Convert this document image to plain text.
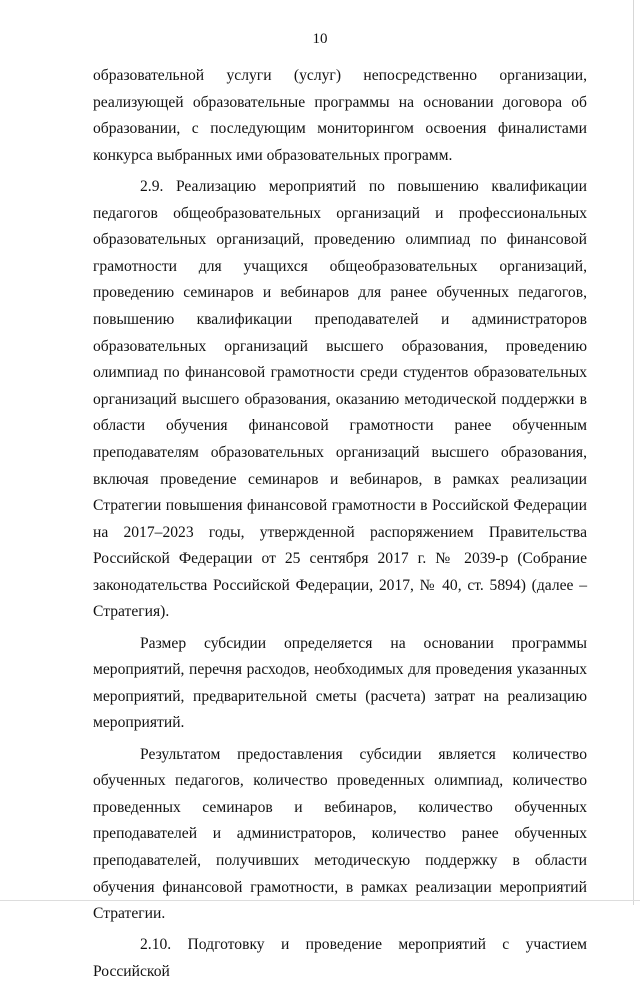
10

образовательной услуги (услуг) непосредственно организации, реализующей образовательные программы на основании договора об образовании, с последующим мониторингом освоения финалистами конкурса выбранных ими образовательных программ.

2.9. Реализацию мероприятий по повышению квалификации педагогов общеобразовательных организаций и профессиональных образовательных организаций, проведению олимпиад по финансовой грамотности для учащихся общеобразовательных организаций, проведению семинаров и вебинаров для ранее обученных педагогов, повышению квалификации преподавателей и администраторов образовательных организаций высшего образования, проведению олимпиад по финансовой грамотности среди студентов образовательных организаций высшего образования, оказанию методической поддержки в области обучения финансовой грамотности ранее обученным преподавателям образовательных организаций высшего образования, включая проведение семинаров и вебинаров, в рамках реализации Стратегии повышения финансовой грамотности в Российской Федерации на 2017–2023 годы, утвержденной распоряжением Правительства Российской Федерации от 25 сентября 2017 г. № 2039-р (Собрание законодательства Российской Федерации, 2017, № 40, ст. 5894) (далее – Стратегия).

Размер субсидии определяется на основании программы мероприятий, перечня расходов, необходимых для проведения указанных мероприятий, предварительной сметы (расчета) затрат на реализацию мероприятий.

Результатом предоставления субсидии является количество обученных педагогов, количество проведенных олимпиад, количество проведенных семинаров и вебинаров, количество обученных преподавателей и администраторов, количество ранее обученных преподавателей, получивших методическую поддержку в области обучения финансовой грамотности, в рамках реализации мероприятий Стратегии.

2.10. Подготовку и проведение мероприятий с участием Российской
